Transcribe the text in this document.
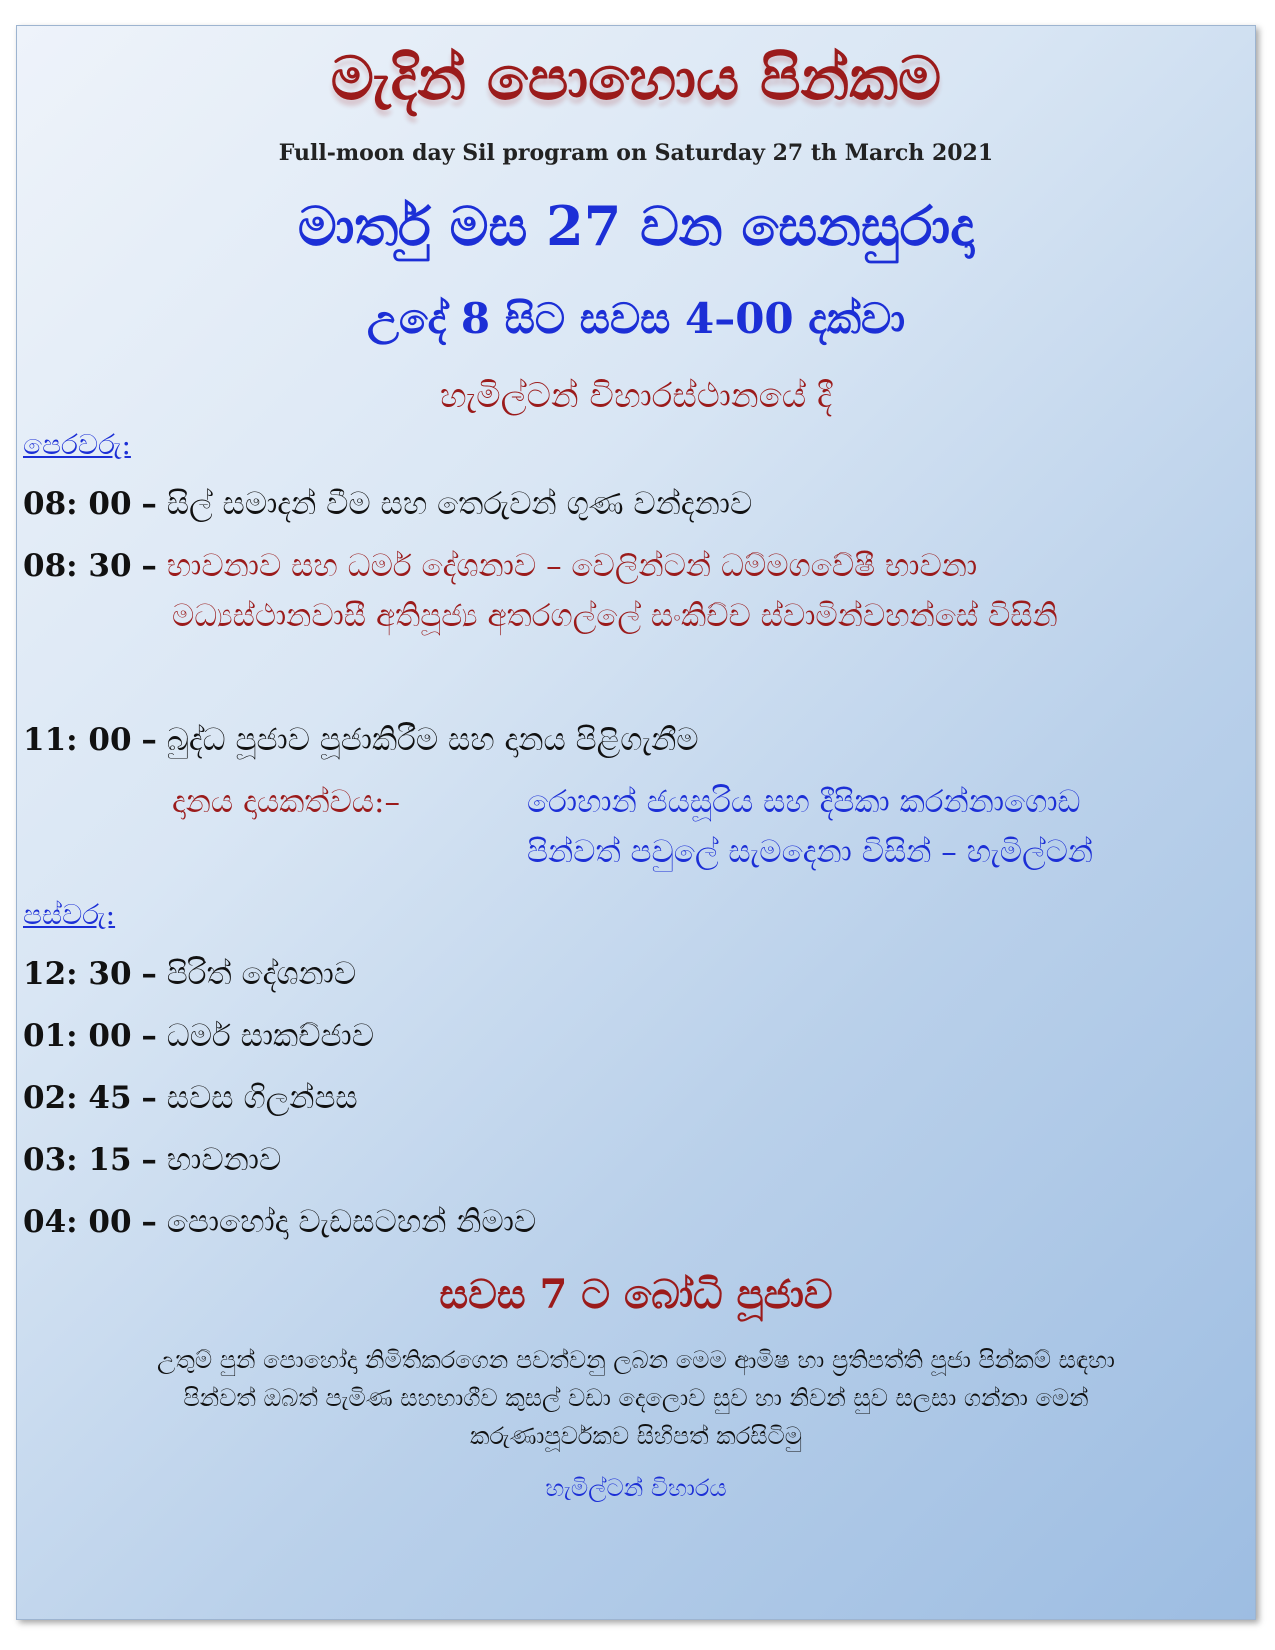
මැදින් පොහොය පින්කම
Full-moon day Sil program on Saturday 27 th March 2021
මාර්තු මස 27 වන සෙනසුරාදා
උදේ 8 සිට සවස 4–00 දක්වා
හැමිල්ටන් විහාරස්ථානයේ දී
පෙරවරු:
08: 00 – සිල් සමාදන් වීම සහ තෙරුවන් ගුණ වන්දනාව
08: 30 – භාවනාව සහ ධර්ම දේශනාව – වෙලින්ටන් ධම්මගවේෂී භාවනා
මධ්‍යස්ථානවාසී අතිපූජ්‍ය අතරගල්ලේ සංකිච්ච ස්වාමින්වහන්සේ විසිනි
11: 00 – බුද්ධ පූජාව පූජාකිරීම සහ දානය පිළිගැනීම
දානය දායකත්වය:–	රොහාන් ජයසූරිය සහ දීපිකා කරන්නාගොඩ
පින්වත් පවුලේ සැමදෙනා විසින් – හැමිල්ටන්
පස්වරු:
12: 30 – පිරිත් දේශනාව
01: 00 – ධර්ම සාකච්ජාව
02: 45 – සවස ගිලන්පස
03: 15 – භාවනාව
04: 00 – පොහෝදා වැඩසටහන් නිමාව
සවස 7 ට බෝධි පූජාව
උතුම් පුන් පොහෝදා නිමිතිකරගෙන පවත්වනු ලබන මෙම ආමිෂ හා ප්‍රතිපත්ති පූජා පින්කම් සඳහා
පින්වත් ඔබත් පැමිණ සහභාගීව කුසල් වඩා දෙලොව සුව හා නිවන් සුව සලසා ගන්නා මෙන්
කරුණාපූර්වකව සිහිපත් කරසිටිමු
හැමිල්ටන් විහාරය
